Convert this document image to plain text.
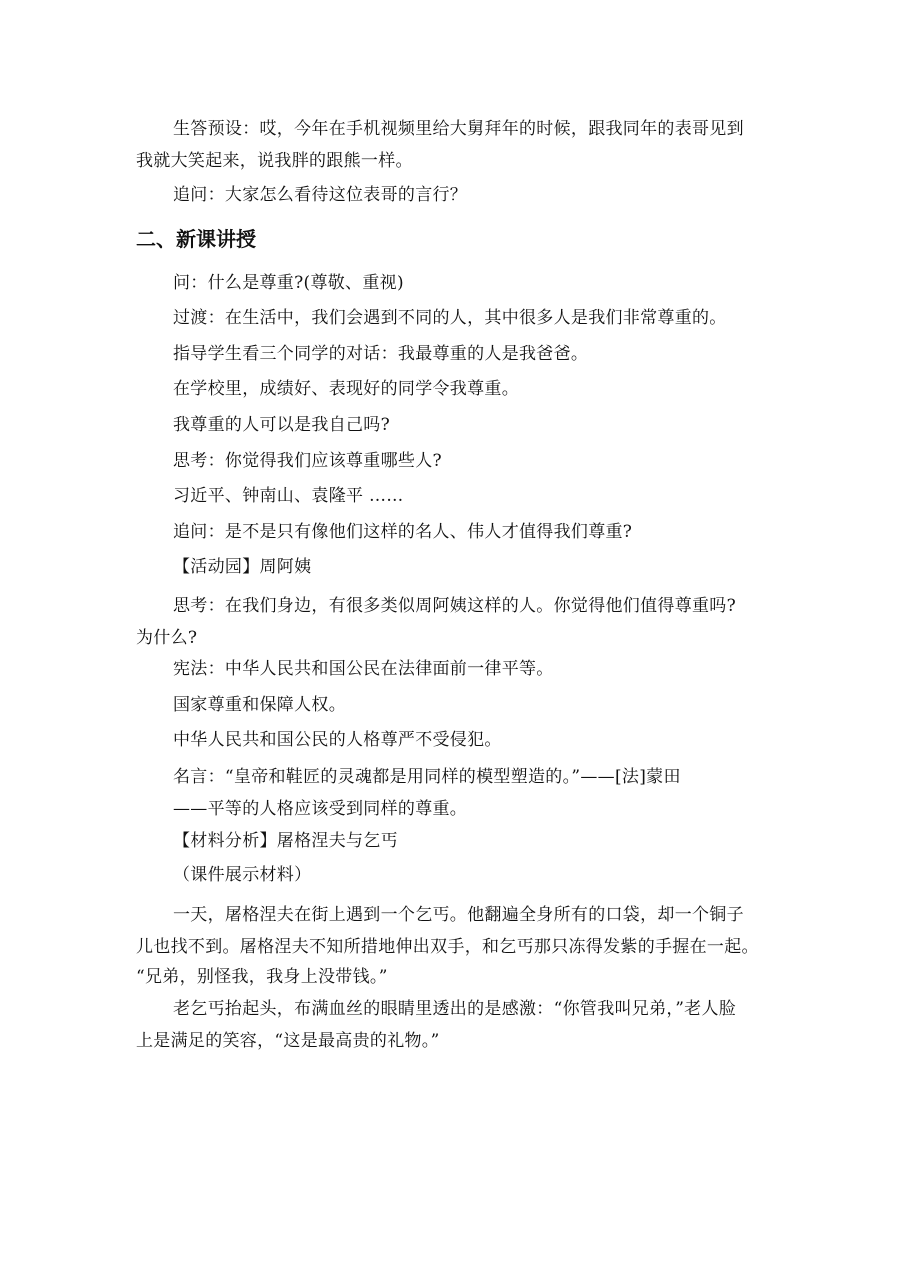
生答预设：哎，今年在手机视频里给大舅拜年的时候，跟我同年的表哥见到
我就大笑起来，说我胖的跟熊一样。
追问：大家怎么看待这位表哥的言行？
二、新课讲授
问：什么是尊重?(尊敬、重视)
过渡：在生活中，我们会遇到不同的人，其中很多人是我们非常尊重的。
指导学生看三个同学的对话：我最尊重的人是我爸爸。
在学校里，成绩好、表现好的同学令我尊重。
我尊重的人可以是我自己吗?
思考：你觉得我们应该尊重哪些人?
习近平、钟南山、袁隆平 ……
追问：是不是只有像他们这样的名人、伟人才值得我们尊重?
【活动园】周阿姨
思考：在我们身边，有很多类似周阿姨这样的人。你觉得他们值得尊重吗?
为什么?
宪法：中华人民共和国公民在法律面前一律平等。
国家尊重和保障人权。
中华人民共和国公民的人格尊严不受侵犯。
名言：“皇帝和鞋匠的灵魂都是用同样的模型塑造的。”——[法]蒙田
——平等的人格应该受到同样的尊重。
【材料分析】屠格涅夫与乞丐
（课件展示材料）
一天，屠格涅夫在街上遇到一个乞丐。他翻遍全身所有的口袋，却一个铜子
儿也找不到。屠格涅夫不知所措地伸出双手，和乞丐那只冻得发紫的手握在一起。
“兄弟，别怪我，我身上没带钱。”
老乞丐抬起头，布满血丝的眼睛里透出的是感激：“你管我叫兄弟，”老人脸
上是满足的笑容，“这是最高贵的礼物。”
